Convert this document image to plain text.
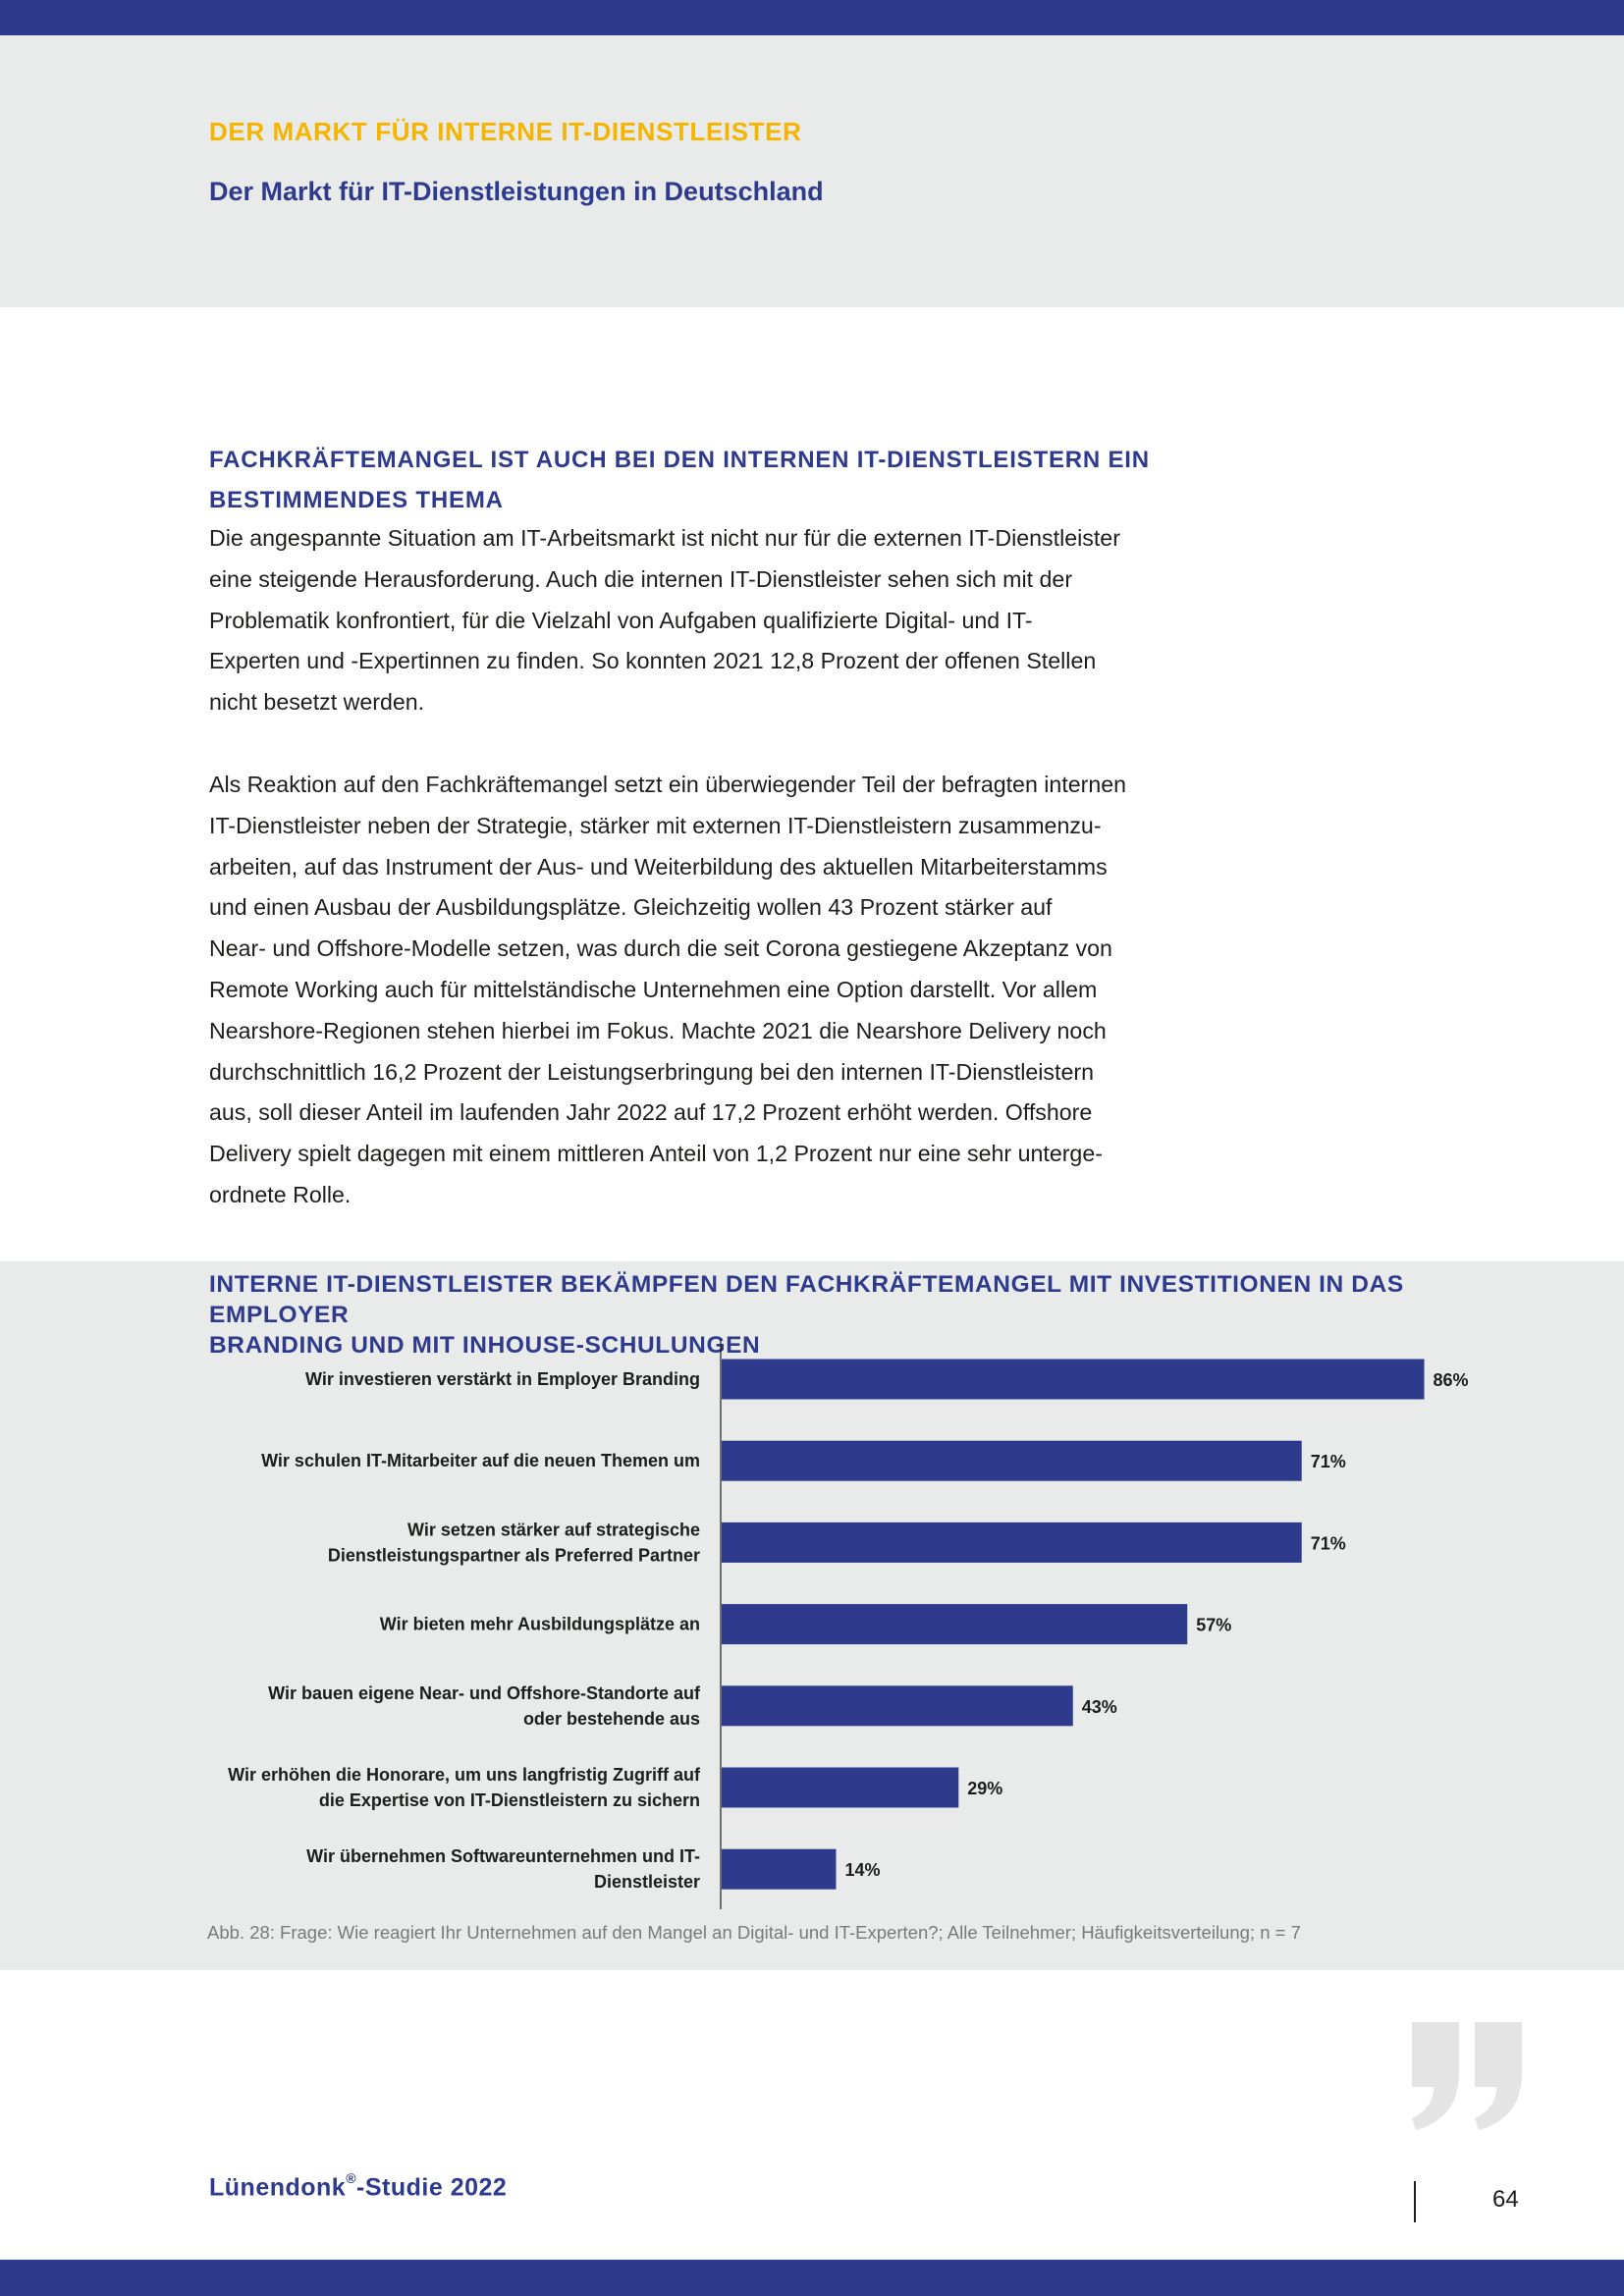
DER MARKT FÜR INTERNE IT-DIENSTLEISTER
Der Markt für IT-Dienstleistungen in Deutschland
FACHKRÄFTEMANGEL IST AUCH BEI DEN INTERNEN IT-DIENSTLEISTERN EIN
BESTIMMENDES THEMA
Die angespannte Situation am IT-Arbeitsmarkt ist nicht nur für die externen IT-Dienstleister
eine steigende Herausforderung. Auch die internen IT-Dienstleister sehen sich mit der
Problematik konfrontiert, für die Vielzahl von Aufgaben qualifizierte Digital- und IT-
Experten und -Expertinnen zu finden. So konnten 2021 12,8 Prozent der offenen Stellen
nicht besetzt werden.
Als Reaktion auf den Fachkräftemangel setzt ein überwiegender Teil der befragten internen
IT-Dienstleister neben der Strategie, stärker mit externen IT-Dienstleistern zusammenzu-
arbeiten, auf das Instrument der Aus- und Weiterbildung des aktuellen Mitarbeiterstamms
und einen Ausbau der Ausbildungsplätze. Gleichzeitig wollen 43 Prozent stärker auf
Near- und Offshore-Modelle setzen, was durch die seit Corona gestiegene Akzeptanz von
Remote Working auch für mittelständische Unternehmen eine Option darstellt. Vor allem
Nearshore-Regionen stehen hierbei im Fokus. Machte 2021 die Nearshore Delivery noch
durchschnittlich 16,2 Prozent der Leistungserbringung bei den internen IT-Dienstleistern
aus, soll dieser Anteil im laufenden Jahr 2022 auf 17,2 Prozent erhöht werden. Offshore
Delivery spielt dagegen mit einem mittleren Anteil von 1,2 Prozent nur eine sehr unterge-
ordnete Rolle.
INTERNE IT-DIENSTLEISTER BEKÄMPFEN DEN FACHKRÄFTEMANGEL MIT INVESTITIONEN IN DAS EMPLOYER
BRANDING UND MIT INHOUSE-SCHULUNGEN
86%
Wir investieren verstärkt in Employer Branding
71%
Wir schulen IT-Mitarbeiter auf die neuen Themen um
71%
Wir setzen stärker auf strategische Dienstleistungspartner als Preferred Partner
57%
Wir bieten mehr Ausbildungsplätze an
43%
Wir bauen eigene Near- und Offshore-Standorte auf oder bestehende aus
29%
Wir erhöhen die Honorare, um uns langfristig Zugriff auf die Expertise von IT-Dienstleistern zu sichern
14%
Wir übernehmen Softwareunternehmen und IT-Dienstleister
Abb. 28: Frage: Wie reagiert Ihr Unternehmen auf den Mangel an Digital- und IT-Experten?; Alle Teilnehmer; Häufigkeitsverteilung; n = 7
Lünendonk®-Studie 2022	64
